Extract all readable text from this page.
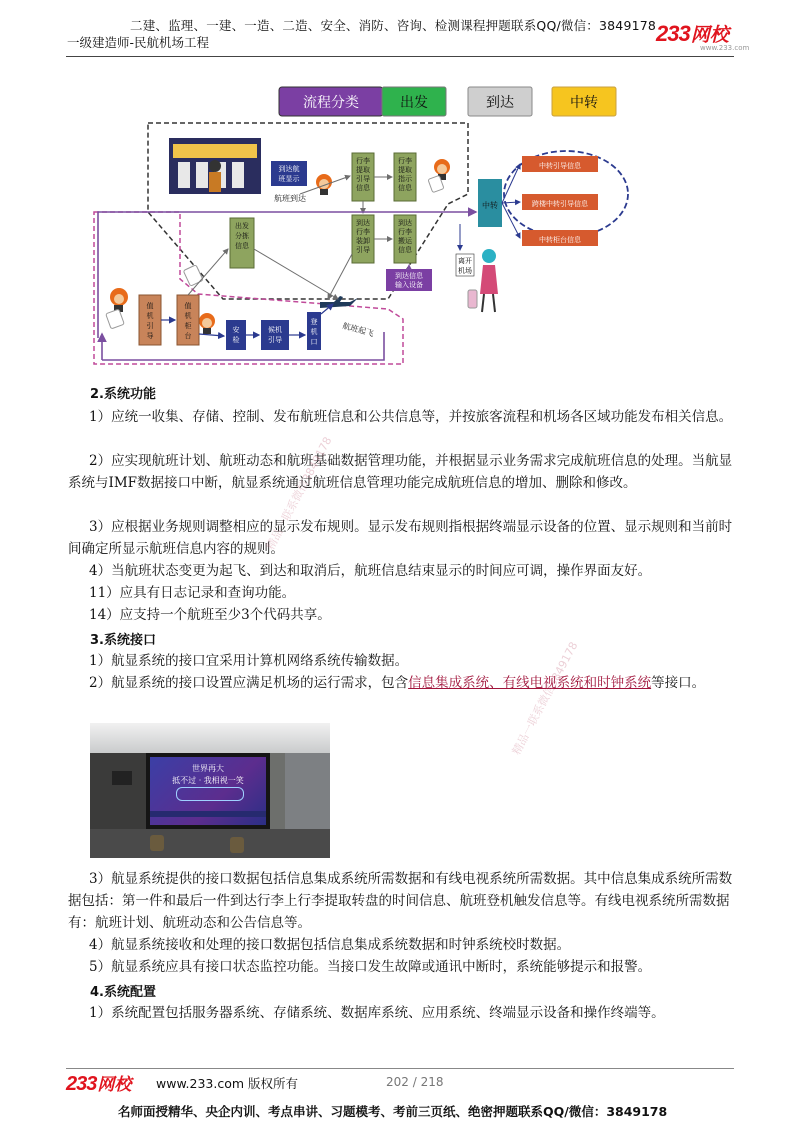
二建、监理、一建、一造、二造、安全、消防、咨询、检测课程押题联系QQ/微信：3849178
一级建造师-民航机场工程	233网校
www.233.com
流程分类	出发	到达	中转
到达航
班显示
航班到达
行李提取引导信息
行李提取指示信息
出发分拣信息
到达行李装卸引导
到达行李搬运信息
到达信息
输入设备
中转
中转引导信息
跨楼中转引导信息
中转柜台信息
离开
机场
值机引导
值机柜台
安检
候机引导
登机口
航班起飞
2.系统功能
1）应统一收集、存储、控制、发布航班信息和公共信息等，并按旅客流程和机场各区域功能发布相关信息。
2）应实现航班计划、航班动态和航班基础数据管理功能，并根据显示业务需求完成航班信息的处理。当航显系统与IMF数据接口中断，航显系统通过航班信息管理功能完成航班信息的增加、删除和修改。
3）应根据业务规则调整相应的显示发布规则。显示发布规则指根据终端显示设备的位置、显示规则和当前时间确定所显示航班信息内容的规则。
4）当航班状态变更为起飞、到达和取消后，航班信息结束显示的时间应可调，操作界面友好。
11）应具有日志记录和查询功能。
14）应支持一个航班至少3个代码共享。
3.系统接口
1）航显系统的接口宜采用计算机网络系统传输数据。
2）航显系统的接口设置应满足机场的运行需求，包含信息集成系统、有线电视系统和时钟系统等接口。
世界再大
抵不过 · 我相视一笑
3）航显系统提供的接口数据包括信息集成系统所需数据和有线电视系统所需数据。其中信息集成系统所需数据包括：第一件和最后一件到达行李上行李提取转盘的时间信息、航班登机触发信息等。有线电视系统所需数据有：航班计划、航班动态和公告信息等。
4）航显系统接收和处理的接口数据包括信息集成系统数据和时钟系统校时数据。
5）航显系统应具有接口状态监控功能。当接口发生故障或通讯中断时，系统能够提示和报警。
4.系统配置
1）系统配置包括服务器系统、存储系统、数据库系统、应用系统、终端显示设备和操作终端等。
精品一联系微信3849178
精品一联系微信3849178
233网校 www.233.com 版权所有	202 / 218
名师面授精华、央企内训、考点串讲、习题模考、考前三页纸、绝密押题联系QQ/微信：3849178
